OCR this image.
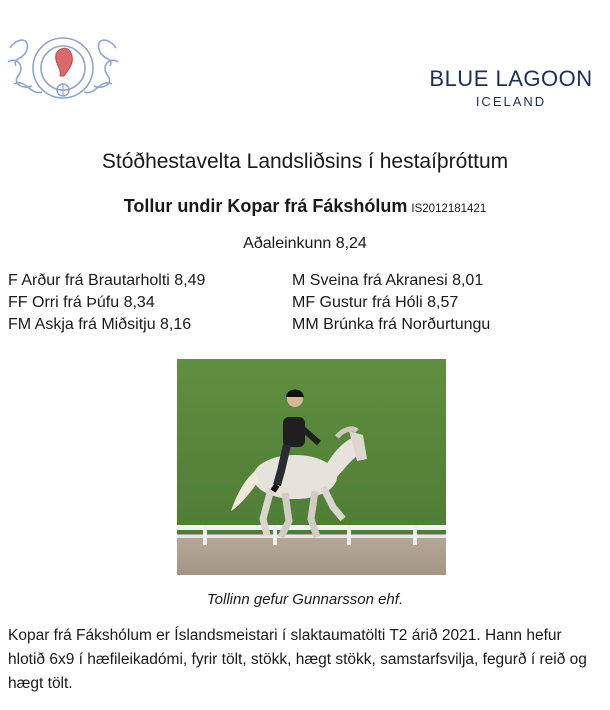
BLUE LAGOON
ICELAND
Stóðhestavelta Landsliðsins í hestaíþróttum
Tollur undir Kopar frá Fákshólum IS2012181421
Aðaleinkunn 8,24
F Arður frá Brautarholti 8,49
FF Orri frá Þúfu 8,34
FM Askja frá Miðsitju 8,16
M Sveina frá Akranesi 8,01
MF Gustur frá Hóli 8,57
MM Brúnka frá Norðurtungu
Tollinn gefur Gunnarsson ehf.
Kopar frá Fákshólum er Íslandsmeistari í slaktaumatölti T2 árið 2021. Hann hefur hlotið 6x9 í hæfileikadómi, fyrir tölt, stökk, hægt stökk, samstarfsvilja, fegurð í reið og hægt tölt.
